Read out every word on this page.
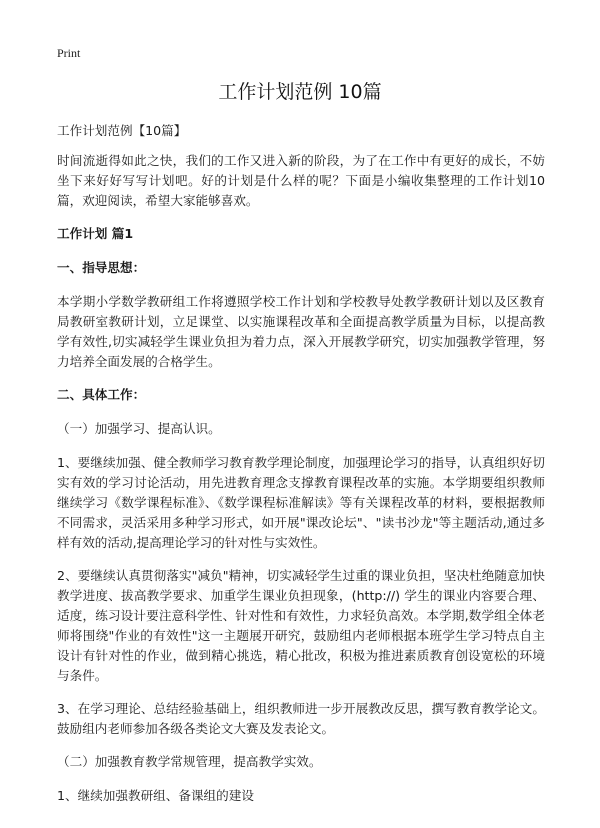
Print
工作计划范例 10篇

工作计划范例【10篇】

时间流逝得如此之快，我们的工作又进入新的阶段，为了在工作中有更好的成长，不妨坐下来好好写写计划吧。好的计划是什么样的呢？下面是小编收集整理的工作计划10篇，欢迎阅读，希望大家能够喜欢。

工作计划 篇1

一、指导思想：

本学期小学数学教研组工作将遵照学校工作计划和学校教导处教学教研计划以及区教育局教研室教研计划，立足课堂、以实施课程改革和全面提高教学质量为目标，以提高教学有效性,切实减轻学生课业负担为着力点，深入开展教学研究，切实加强教学管理，努力培养全面发展的合格学生。

二、具体工作：

（一）加强学习、提高认识。

1、要继续加强、健全教师学习教育教学理论制度，加强理论学习的指导，认真组织好切实有效的学习讨论活动，用先进教育理念支撑教育课程改革的实施。本学期要组织教师继续学习《数学课程标准》、《数学课程标准解读》等有关课程改革的材料，要根据教师不同需求，灵活采用多种学习形式，如开展"课改论坛"、"读书沙龙"等主题活动,通过多样有效的活动,提高理论学习的针对性与实效性。

2、要继续认真贯彻落实"减负"精神，切实减轻学生过重的课业负担，坚决杜绝随意加快教学进度、拔高教学要求、加重学生课业负担现象，(http://) 学生的课业内容要合理、适度，练习设计要注意科学性、针对性和有效性，力求轻负高效。本学期,数学组全体老师将围绕"作业的有效性"这一主题展开研究，鼓励组内老师根据本班学生学习特点自主设计有针对性的作业，做到精心挑选，精心批改，积极为推进素质教育创设宽松的环境与条件。

3、在学习理论、总结经验基础上，组织教师进一步开展教改反思，撰写教育教学论文。鼓励组内老师参加各级各类论文大赛及发表论文。

（二）加强教育教学常规管理，提高教学实效。

1、继续加强教研组、备课组的建设
